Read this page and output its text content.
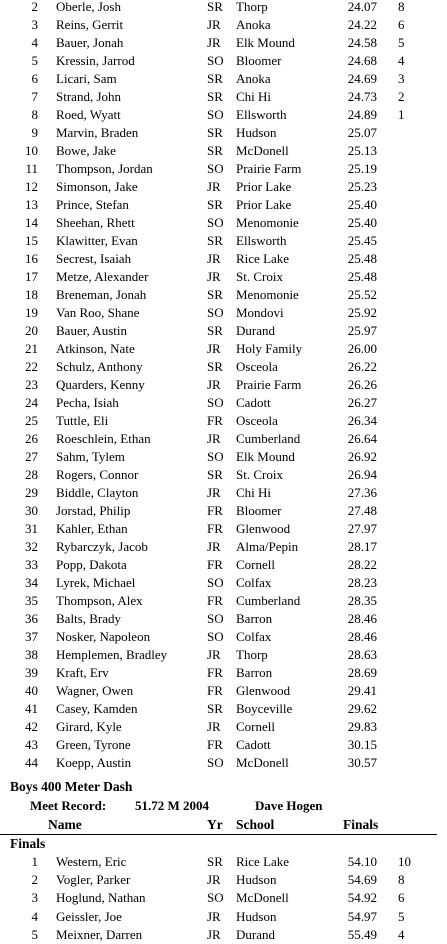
2 Oberle, Josh	SR Thorp	24.07 8
3 Reins, Gerrit	JR Anoka	24.22 6
4 Bauer, Jonah	JR Elk Mound	24.58 5
5 Kressin, Jarrod	SO Bloomer	24.68 4
6 Licari, Sam	SR Anoka	24.69 3
7 Strand, John	SR Chi Hi	24.73 2
8 Roed, Wyatt	SO Ellsworth	24.89 1
9 Marvin, Braden	SR Hudson	25.07
10 Bowe, Jake	SR McDonell	25.13
11 Thompson, Jordan	SO Prairie Farm	25.19
12 Simonson, Jake	JR Prior Lake	25.23
13 Prince, Stefan	SR Prior Lake	25.40
14 Sheehan, Rhett	SO Menomonie	25.40
15 Klawitter, Evan	SR Ellsworth	25.45
16 Secrest, Isaiah	JR Rice Lake	25.48
17 Metze, Alexander	JR St. Croix	25.48
18 Breneman, Jonah	SR Menomonie	25.52
19 Van Roo, Shane	SO Mondovi	25.92
20 Bauer, Austin	SR Durand	25.97
21 Atkinson, Nate	JR Holy Family	26.00
22 Schulz, Anthony	SR Osceola	26.22
23 Quarders, Kenny	JR Prairie Farm	26.26
24 Pecha, Isiah	SO Cadott	26.27
25 Tuttle, Eli	FR Osceola	26.34
26 Roeschlein, Ethan	JR Cumberland	26.64
27 Sahm, Tylem	SO Elk Mound	26.92
28 Rogers, Connor	SR St. Croix	26.94
29 Biddle, Clayton	JR Chi Hi	27.36
30 Jorstad, Philip	FR Bloomer	27.48
31 Kahler, Ethan	FR Glenwood	27.97
32 Rybarczyk, Jacob	JR Alma/Pepin	28.17
33 Popp, Dakota	FR Cornell	28.22
34 Lyrek, Michael	SO Colfax	28.23
35 Thompson, Alex	FR Cumberland	28.35
36 Balts, Brady	SO Barron	28.46
37 Nosker, Napoleon	SO Colfax	28.46
38 Hemplemen, Bradley	JR Thorp	28.63
39 Kraft, Erv	FR Barron	28.69
40 Wagner, Owen	FR Glenwood	29.41
41 Casey, Kamden	SR Boyceville	29.62
42 Girard, Kyle	JR Cornell	29.83
43 Green, Tyrone	FR Cadott	30.15
44 Koepp, Austin	SO McDonell	30.57
Boys 400 Meter Dash
Meet Record: 51.72 M 2004	Dave Hogen
Name	Yr School	Finals
Finals
1 Western, Eric	SR Rice Lake	54.10 10
2 Vogler, Parker	JR Hudson	54.69 8
3 Hoglund, Nathan	SO McDonell	54.92 6
4 Geissler, Joe	JR Hudson	54.97 5
5 Meixner, Darren	JR Durand	55.49 4
